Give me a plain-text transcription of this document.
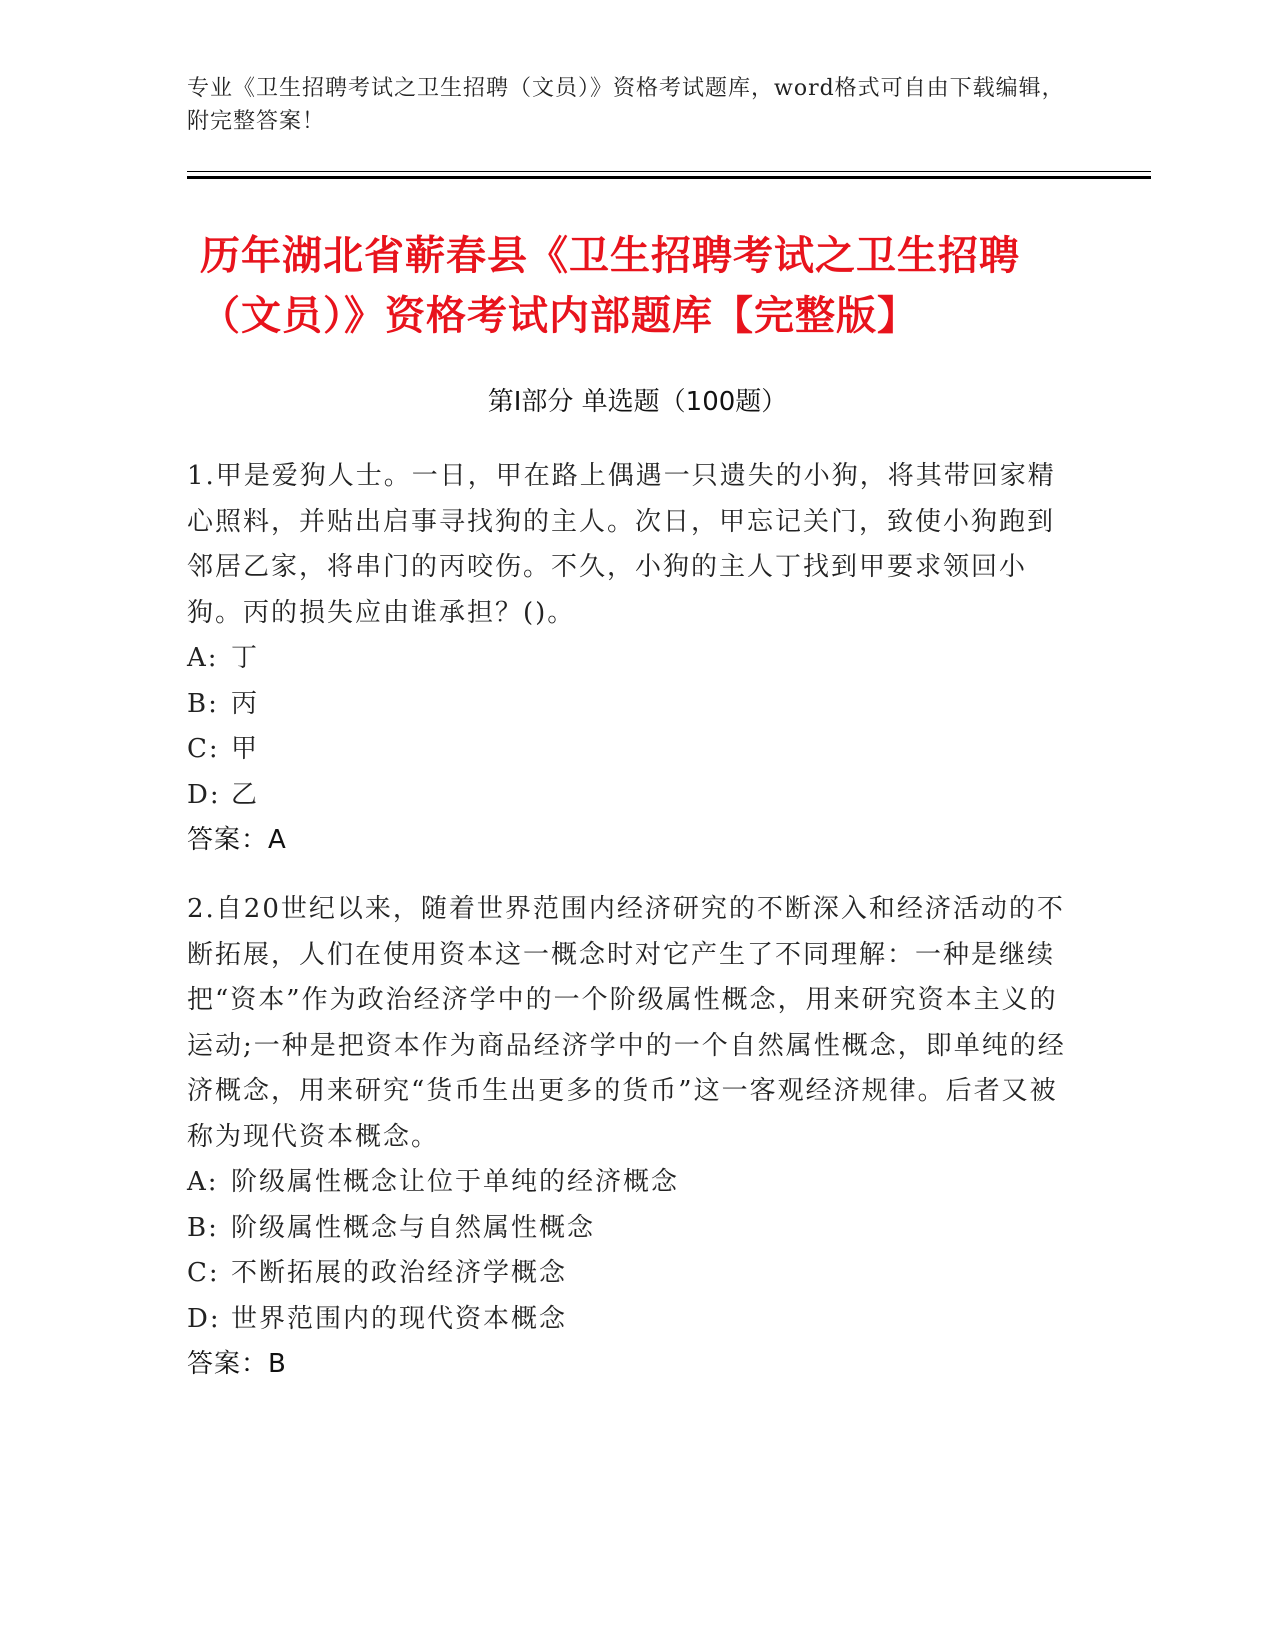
专业《卫生招聘考试之卫生招聘（文员）》资格考试题库，word格式可自由下载编辑，附完整答案！
历年湖北省蕲春县《卫生招聘考试之卫生招聘（文员）》资格考试内部题库【完整版】
第Ⅰ部分 单选题（100题）

1.甲是爱狗人士。一日，甲在路上偶遇一只遗失的小狗，将其带回家精心照料，并贴出启事寻找狗的主人。次日，甲忘记关门，致使小狗跑到邻居乙家，将串门的丙咬伤。不久，小狗的主人丁找到甲要求领回小狗。丙的损失应由谁承担？()。

A: 丁

B: 丙

C: 甲

D: 乙

答案：A

2.自20世纪以来，随着世界范围内经济研究的不断深入和经济活动的不断拓展，人们在使用资本这一概念时对它产生了不同理解：一种是继续把“资本”作为政治经济学中的一个阶级属性概念，用来研究资本主义的运动;一种是把资本作为商品经济学中的一个自然属性概念，即单纯的经济概念，用来研究“货币生出更多的货币”这一客观经济规律。后者又被称为现代资本概念。

A: 阶级属性概念让位于单纯的经济概念

B: 阶级属性概念与自然属性概念

C: 不断拓展的政治经济学概念

D: 世界范围内的现代资本概念

答案：B
